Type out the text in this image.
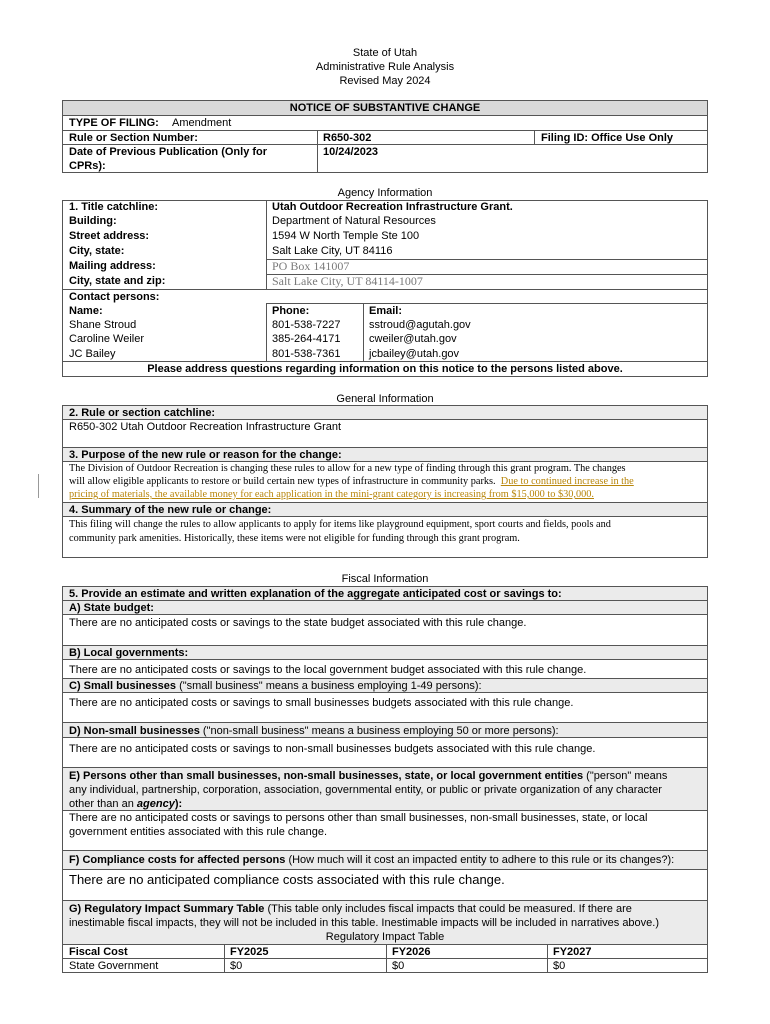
State of Utah
Administrative Rule Analysis
Revised May 2024
NOTICE OF SUBSTANTIVE CHANGE
TYPE OF FILING: Amendment
Rule or Section Number:	R650-302	Filing ID: Office Use Only
Date of Previous Publication (Only for
CPRs):
10/24/2023
Agency Information
1. Title catchline:	Utah Outdoor Recreation Infrastructure Grant.
Building:	Department of Natural Resources
Street address:	1594 W North Temple Ste 100
City, state:	Salt Lake City, UT 84116
Mailing address:	PO Box 141007
City, state and zip:	Salt Lake City, UT 84114-1007
Contact persons:
Name:	Phone:	Email:
Shane Stroud	801-538-7227	sstroud@agutah.gov
Caroline Weiler	385-264-4171	cweiler@utah.gov
JC Bailey	801-538-7361	jcbailey@utah.gov
Please address questions regarding information on this notice to the persons listed above.
General Information
2. Rule or section catchline:
R650-302 Utah Outdoor Recreation Infrastructure Grant
3. Purpose of the new rule or reason for the change:
The Division of Outdoor Recreation is changing these rules to allow for a new type of finding through this grant program. The changes
will allow eligible applicants to restore or build certain new types of infrastructure in community parks. Due to continued increase in the
pricing of materials, the available money for each application in the mini-grant category is increasing from $15,000 to $30,000.
4. Summary of the new rule or change:
This filing will change the rules to allow applicants to apply for items like playground equipment, sport courts and fields, pools and
community park amenities. Historically, these items were not eligible for funding through this grant program.
Fiscal Information
5. Provide an estimate and written explanation of the aggregate anticipated cost or savings to:
A) State budget:
There are no anticipated costs or savings to the state budget associated with this rule change.
B) Local governments:
There are no anticipated costs or savings to the local government budget associated with this rule change.
C) Small businesses ("small business" means a business employing 1-49 persons):
There are no anticipated costs or savings to small businesses budgets associated with this rule change.
D) Non-small businesses ("non-small business" means a business employing 50 or more persons):
There are no anticipated costs or savings to non-small businesses budgets associated with this rule change.
E) Persons other than small businesses, non-small businesses, state, or local government entities ("person" means
any individual, partnership, corporation, association, governmental entity, or public or private organization of any character
other than an agency):
There are no anticipated costs or savings to persons other than small businesses, non-small businesses, state, or local
government entities associated with this rule change.
F) Compliance costs for affected persons (How much will it cost an impacted entity to adhere to this rule or its changes?):
There are no anticipated compliance costs associated with this rule change.
G) Regulatory Impact Summary Table (This table only includes fiscal impacts that could be measured. If there are
inestimable fiscal impacts, they will not be included in this table. Inestimable impacts will be included in narratives above.)
Regulatory Impact Table
Fiscal Cost	FY2025	FY2026	FY2027
State Government	$0	$0	$0
